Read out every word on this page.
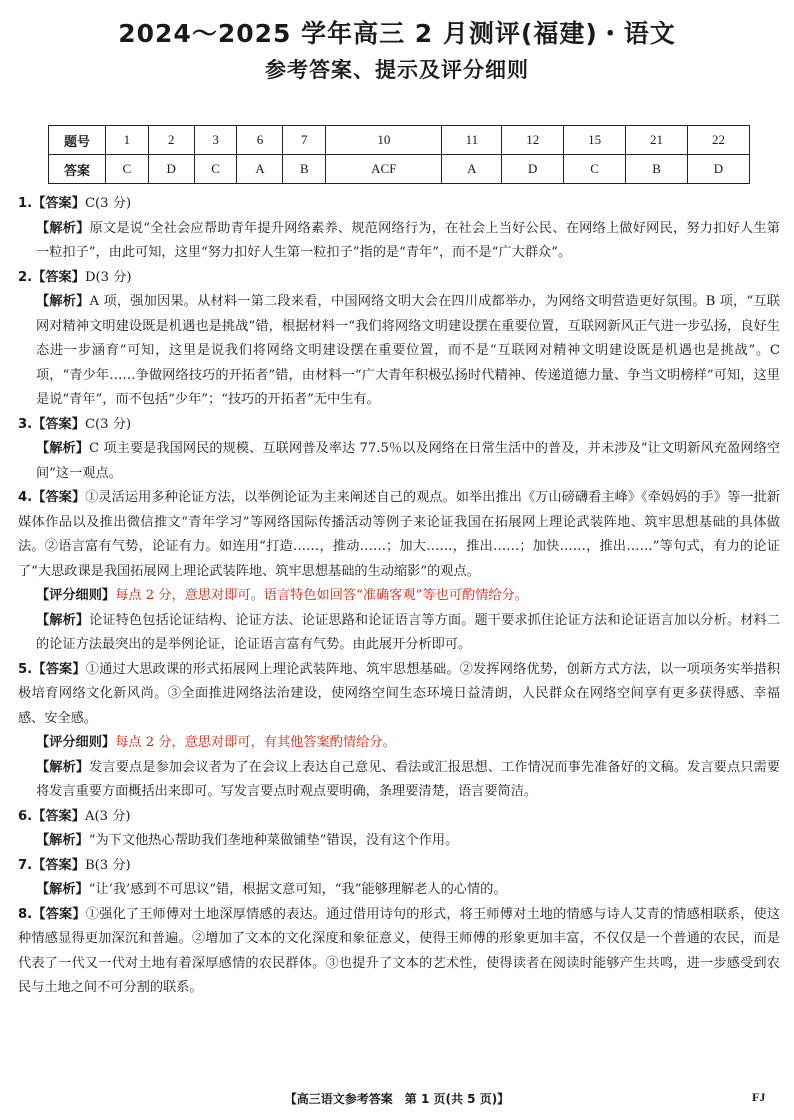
2024～2025 学年高三 2 月测评(福建)・语文
参考答案、提示及评分细则
题号	1	2	3	6	7	10	11	12	15	21	22
答案	C	D	C	A	B	ACF	A	D	C	B	D

1.【答案】C(3 分)

【解析】原文是说“全社会应帮助青年提升网络素养、规范网络行为，在社会上当好公民、在网络上做好网民，努力扣好人生第一粒扣子”，由此可知，这里“努力扣好人生第一粒扣子”指的是“青年”，而不是“广大群众”。

2.【答案】D(3 分)

【解析】A 项，强加因果。从材料一第二段来看，中国网络文明大会在四川成都举办，为网络文明营造更好氛围。B 项，“互联网对精神文明建设既是机遇也是挑战”错，根据材料一“我们将网络文明建设摆在重要位置，互联网新风正气进一步弘扬，良好生态进一步涵育”可知，这里是说我们将网络文明建设摆在重要位置，而不是“互联网对精神文明建设既是机遇也是挑战”。C 项，“青少年……争做网络技巧的开拓者”错，由材料一“广大青年积极弘扬时代精神、传递道德力量、争当文明榜样”可知，这里是说“青年”，而不包括“少年”；“技巧的开拓者”无中生有。

3.【答案】C(3 分)

【解析】C 项主要是我国网民的规模、互联网普及率达 77.5％以及网络在日常生活中的普及，并未涉及“让文明新风充盈网络空间”这一观点。

4.【答案】①灵活运用多种论证方法，以举例论证为主来阐述自己的观点。如举出推出《万山磅礴看主峰》《牵妈妈的手》等一批新媒体作品以及推出微信推文“青年学习”等网络国际传播活动等例子来论证我国在拓展网上理论武装阵地、筑牢思想基础的具体做法。②语言富有气势，论证有力。如连用“打造……，推动……；加大……，推出……；加快……，推出……”等句式，有力的论证了“大思政课是我国拓展网上理论武装阵地、筑牢思想基础的生动缩影”的观点。

【评分细则】每点 2 分，意思对即可。语言特色如回答“准确客观”等也可酌情给分。

【解析】论证特色包括论证结构、论证方法、论证思路和论证语言等方面。题干要求抓住论证方法和论证语言加以分析。材料二的论证方法最突出的是举例论证，论证语言富有气势。由此展开分析即可。

5.【答案】①通过大思政课的形式拓展网上理论武装阵地、筑牢思想基础。②发挥网络优势，创新方式方法，以一项项务实举措积极培育网络文化新风尚。③全面推进网络法治建设，使网络空间生态环境日益清朗，人民群众在网络空间享有更多获得感、幸福感、安全感。

【评分细则】每点 2 分，意思对即可，有其他答案酌情给分。

【解析】发言要点是参加会议者为了在会议上表达自己意见、看法或汇报思想、工作情况而事先准备好的文稿。发言要点只需要将发言重要方面概括出来即可。写发言要点时观点要明确，条理要清楚，语言要简洁。

6.【答案】A(3 分)

【解析】“为下文他热心帮助我们垄地种菜做铺垫”错误，没有这个作用。

7.【答案】B(3 分)

【解析】“让‘我’感到不可思议”错，根据文意可知，“我”能够理解老人的心情的。

8.【答案】①强化了王师傅对土地深厚情感的表达。通过借用诗句的形式，将王师傅对土地的情感与诗人艾青的情感相联系，使这种情感显得更加深沉和普遍。②增加了文本的文化深度和象征意义，使得王师傅的形象更加丰富，不仅仅是一个普通的农民，而是代表了一代又一代对土地有着深厚感情的农民群体。③也提升了文本的艺术性，使得读者在阅读时能够产生共鸣，进一步感受到农民与土地之间不可分割的联系。

【高三语文参考答案　第 1 页(共 5 页)】	FJ
